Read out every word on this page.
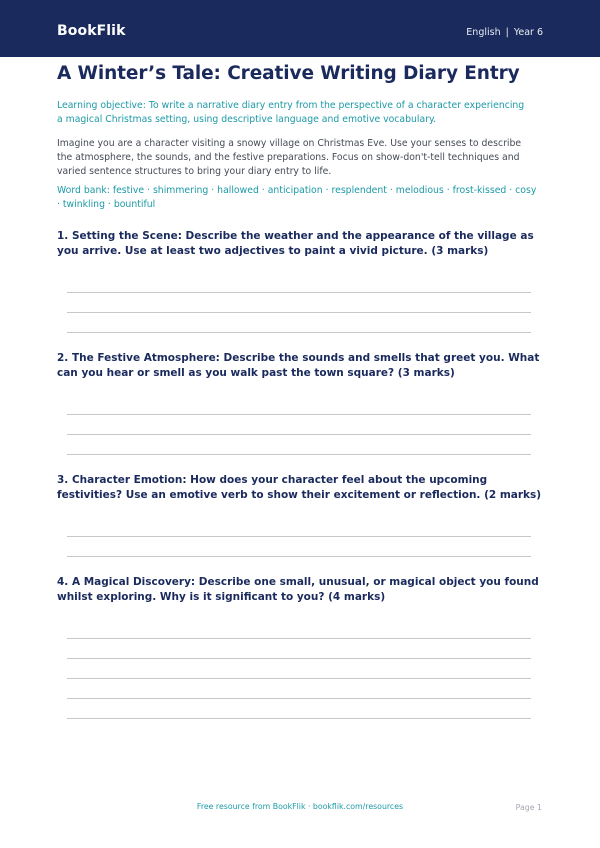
BookFlik	English | Year 6
A Winter’s Tale: Creative Writing Diary Entry

Learning objective: To write a narrative diary entry from the perspective of a character experiencing a magical Christmas setting, using descriptive language and emotive vocabulary.

Imagine you are a character visiting a snowy village on Christmas Eve. Use your senses to describe the atmosphere, the sounds, and the festive preparations. Focus on show-don't-tell techniques and varied sentence structures to bring your diary entry to life.

Word bank: festive · shimmering · hallowed · anticipation · resplendent · melodious · frost-kissed · cosy · twinkling · bountiful

1. Setting the Scene: Describe the weather and the appearance of the village as you arrive. Use at least two adjectives to paint a vivid picture. (3 marks)

2. The Festive Atmosphere: Describe the sounds and smells that greet you. What can you hear or smell as you walk past the town square? (3 marks)

3. Character Emotion: How does your character feel about the upcoming festivities? Use an emotive verb to show their excitement or reflection. (2 marks)

4. A Magical Discovery: Describe one small, unusual, or magical object you found whilst exploring. Why is it significant to you? (4 marks)

Free resource from BookFlik · bookflik.com/resources	Page 1
